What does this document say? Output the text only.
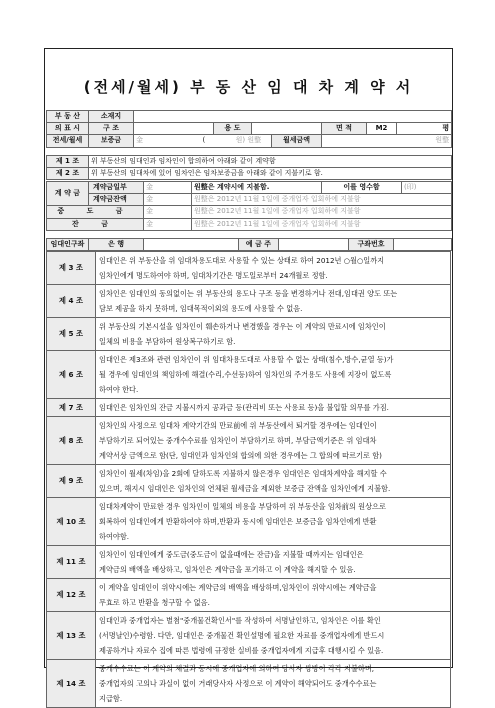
(전세/월세) 부 동 산 임 대 차 계 약 서
부 동 산	소재지							
의 표 시	구 조		용 도			면 적	M2	평
전세/월세	보증금	金 ( 원) 원整			월세금액	원整		
제 1 조	위 부동산의 임대인과 임차인이 합의하여 아래와 같이 계약함
제 2 조	위 부동산의 임대차에 있어 임차인은 임차보증금을 아래와 같이 지불키로 함.
계 약 금	계약금일부	金	원整은 계약시에 지불함.	이를 영수함	(印)
	계약금잔액	金	원整은 2012년 11월 1일에 중개업자 입회하에 지불함		
중 도 금		金	원整은 2012년 11월 1일에 중개업자 입회하에 지불함		
잔 금		金	원整은 2012년 11월 1일에 중개업자 입회하에 지불함		
임대인구좌	은 행		예 금 주		구좌번호	
제 3 조	임대인은 위 부동산을 위 임대차용도대로 사용할 수 있는 상태로 하여 2012년 ○월○일까지
임차인에게 명도하여야 하며, 임대차기간은 명도일로부터 24개월로 정함.
제 4 조	임차인은 임대인의 동의없이는 위 부동산의 용도나 구조 등을 변경하거나 전대,임대권 양도 또는
담보 제공을 하지 못하며, 임대목적이외의 용도에 사용할 수 없음.
제 5 조	위 부동산의 기본시설을 임차인이 훼손하거나 변경했을 경우는 이 계약의 만료시에 임차인이
일체의 비용을 부담하여 원상복구하기로 함.
제 6 조	임대인은 제3조와 관련 임차인이 위 임대차용도대로 사용할 수 없는 상태(침수,방수,균열 등)가
될 경우에 임대인의 책임하에 해결(수리,수선등)하여 임차인의 주거용도 사용에 지장이 없도록
하여야 한다.
제 7 조	임대인은 임차인의 잔금 지불시까지 공과금 등(관리비 또는 사용료 등)을 불입할 의무를 가짐.
제 8 조	임차인의 사정으로 임대차 계약기간의 만료前에 위 부동산에서 퇴거할 경우에는 임대인이
부담하기로 되어있는 중개수수료를 임차인이 부담하기로 하며, 부담금액기준은 위 임대차
계약서상 금액으로 함(단, 임대인과 임차인의 합의에 의한 경우에는 그 합의에 따르기로 함)
제 9 조	임차인이 월세(차임)을 2회에 달하도록 지불하지 않은경우 임대인은 임대차계약을 해지할 수
있으며, 해지시 임대인은 임차인의 연체된 월세금을 제외한 보증금 잔액을 임차인에게 지불함.
제 10 조	임대차계약이 만료한 경우 임차인이 일체의 비용을 부담하여 위 부동산을 임차前의 원상으로
회복하여 임대인에게 반환하여야 하며,반환과 동시에 임대인은 보증금을 임차인에게 반환
하여야함.
제 11 조	임차인이 임대인에게 중도금(중도금이 없을때에는 잔금)을 지불할 때까지는 임대인은
계약금의 배액을 배상하고, 임차인은 계약금을 포기하고 이 계약을 해지할 수 있음.
제 12 조	이 계약을 임대인이 위약시에는 계약금의 배액을 배상하며,임차인이 위약시에는 계약금을
무효로 하고 반환을 청구할 수 없음.
제 13 조	임대인과 중개업자는 별첨"중개물건확인서"를 작성하여 서명날인하고, 임차인은 이를 확인
(서명날인)수령함. 다만, 임대인은 중개물건 확인설명에 필요한 자료를 중개업자에게 반드시
제공하거나 자료수 집에 따른 법령에 규정한 실비를 중개업자에게 지급후 대행시킬 수 있음.
제 14 조	중개수수료는 이 계약의 체결과 동시에 중개업자에 의하여 당사자 쌍방이 각각 지불하며,
중개업자의 고의나 과실이 없이 거래당사자 사정으로 이 계약이 해약되어도 중개수수료는
지급함.
